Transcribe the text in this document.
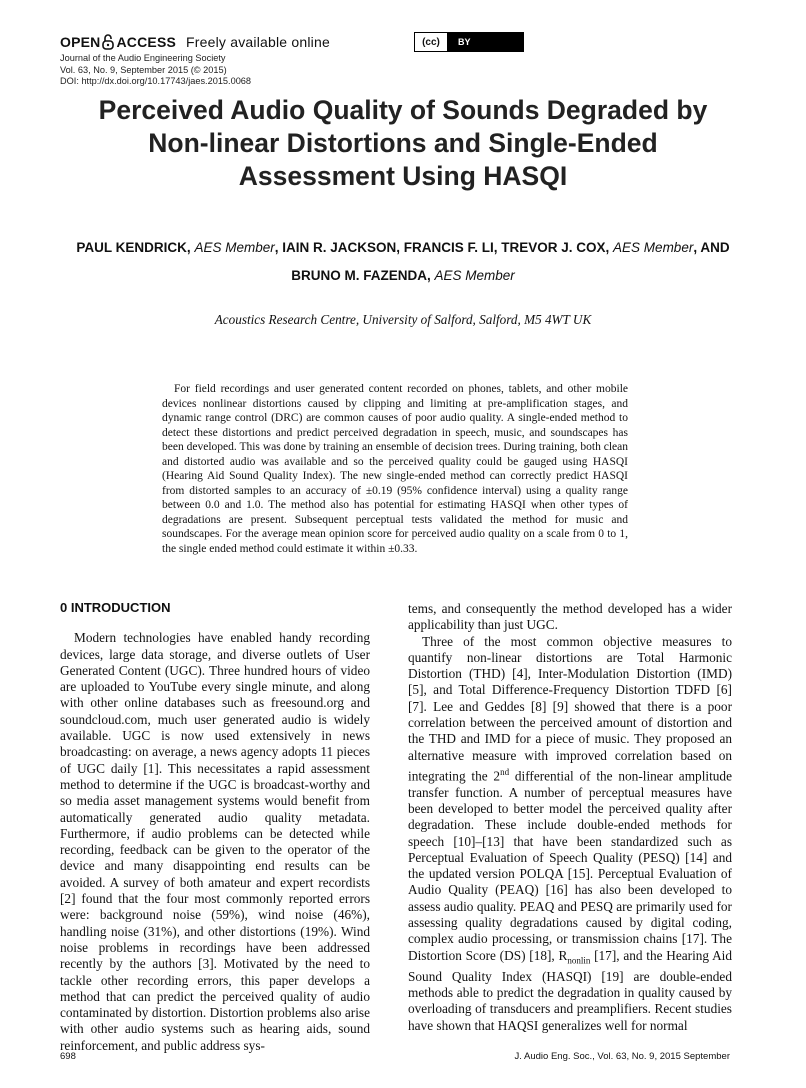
OPEN ACCESS Freely available online	(cc)	BY
Journal of the Audio Engineering Society
Vol. 63, No. 9, September 2015 (© 2015)
DOI: http://dx.doi.org/10.17743/jaes.2015.0068
Perceived Audio Quality of Sounds Degraded by
Non-linear Distortions and Single-Ended
Assessment Using HASQI
PAUL KENDRICK, AES Member, IAIN R. JACKSON, FRANCIS F. LI, TREVOR J. COX, AES Member, AND
BRUNO M. FAZENDA, AES Member
Acoustics Research Centre, University of Salford, Salford, M5 4WT UK
For field recordings and user generated content recorded on phones, tablets, and other mobile devices nonlinear distortions caused by clipping and limiting at pre-amplification stages, and dynamic range control (DRC) are common causes of poor audio quality. A single-ended method to detect these distortions and predict perceived degradation in speech, music, and soundscapes has been developed. This was done by training an ensemble of decision trees. During training, both clean and distorted audio was available and so the perceived quality could be gauged using HASQI (Hearing Aid Sound Quality Index). The new single-ended method can correctly predict HASQI from distorted samples to an accuracy of ±0.19 (95% confidence interval) using a quality range between 0.0 and 1.0. The method also has potential for estimating HASQI when other types of degradations are present. Subsequent perceptual tests validated the method for music and soundscapes. For the average mean opinion score for perceived audio quality on a scale from 0 to 1, the single ended method could estimate it within ±0.33.
0 INTRODUCTION

Modern technologies have enabled handy recording devices, large data storage, and diverse outlets of User Generated Content (UGC). Three hundred hours of video are uploaded to YouTube every single minute, and along with other online databases such as freesound.org and soundcloud.com, much user generated audio is widely available. UGC is now used extensively in news broadcasting: on average, a news agency adopts 11 pieces of UGC daily [1]. This necessitates a rapid assessment method to determine if the UGC is broadcast-worthy and so media asset management systems would benefit from automatically generated audio quality metadata. Furthermore, if audio problems can be detected while recording, feedback can be given to the operator of the device and many disappointing end results can be avoided. A survey of both amateur and expert recordists [2] found that the four most commonly reported errors were: background noise (59%), wind noise (46%), handling noise (31%), and other distortions (19%). Wind noise problems in recordings have been addressed recently by the authors [3]. Motivated by the need to tackle other recording errors, this paper develops a method that can predict the perceived quality of audio contaminated by distortion. Distortion problems also arise with other audio systems such as hearing aids, sound reinforcement, and public address sys-

tems, and consequently the method developed has a wider applicability than just UGC.

Three of the most common objective measures to quantify non-linear distortions are Total Harmonic Distortion (THD) [4], Inter-Modulation Distortion (IMD) [5], and Total Difference-Frequency Distortion TDFD [6] [7]. Lee and Geddes [8] [9] showed that there is a poor correlation between the perceived amount of distortion and the THD and IMD for a piece of music. They proposed an alternative measure with improved correlation based on integrating the 2nd differential of the non-linear amplitude transfer function. A number of perceptual measures have been developed to better model the perceived quality after degradation. These include double-ended methods for speech [10]–[13] that have been standardized such as Perceptual Evaluation of Speech Quality (PESQ) [14] and the updated version POLQA [15]. Perceptual Evaluation of Audio Quality (PEAQ) [16] has also been developed to assess audio quality. PEAQ and PESQ are primarily used for assessing quality degradations caused by digital coding, complex audio processing, or transmission chains [17]. The Distortion Score (DS) [18], $R_{nonlin}$ [17], and the Hearing Aid Sound Quality Index (HASQI) [19] are double-ended methods able to predict the degradation in quality caused by overloading of transducers and preamplifiers. Recent studies have shown that HAQSI generalizes well for normal

698	J. Audio Eng. Soc., Vol. 63, No. 9, 2015 September
